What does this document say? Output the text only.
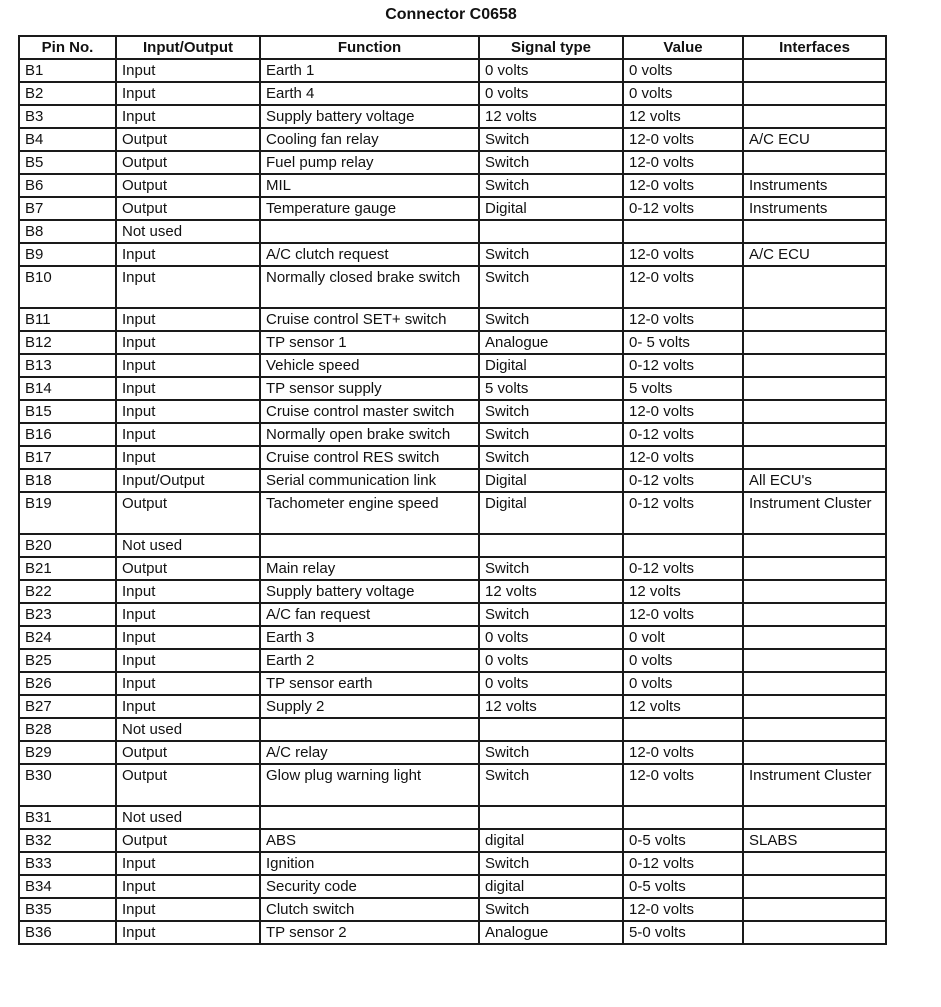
Connector C0658
Pin No.	Input/Output	Function	Signal type	Value	Interfaces
B1	Input	Earth 1	0 volts	0 volts	
B2	Input	Earth 4	0 volts	0 volts	
B3	Input	Supply battery voltage	12 volts	12 volts	
B4	Output	Cooling fan relay	Switch	12-0 volts	A/C ECU
B5	Output	Fuel pump relay	Switch	12-0 volts	
B6	Output	MIL	Switch	12-0 volts	Instruments
B7	Output	Temperature gauge	Digital	0-12 volts	Instruments
B8	Not used				
B9	Input	A/C clutch request	Switch	12-0 volts	A/C ECU
B10	Input	Normally closed brake switch	Switch	12-0 volts	
B11	Input	Cruise control SET+ switch	Switch	12-0 volts	
B12	Input	TP sensor 1	Analogue	0- 5 volts	
B13	Input	Vehicle speed	Digital	0-12 volts	
B14	Input	TP sensor supply	5 volts	5 volts	
B15	Input	Cruise control master switch	Switch	12-0 volts	
B16	Input	Normally open brake switch	Switch	0-12 volts	
B17	Input	Cruise control RES switch	Switch	12-0 volts	
B18	Input/Output	Serial communication link	Digital	0-12 volts	All ECU's
B19	Output	Tachometer engine speed	Digital	0-12 volts	Instrument Cluster
B20	Not used				
B21	Output	Main relay	Switch	0-12 volts	
B22	Input	Supply battery voltage	12 volts	12 volts	
B23	Input	A/C fan request	Switch	12-0 volts	
B24	Input	Earth 3	0 volts	0 volt	
B25	Input	Earth 2	0 volts	0 volts	
B26	Input	TP sensor earth	0 volts	0 volts	
B27	Input	Supply 2	12 volts	12 volts	
B28	Not used				
B29	Output	A/C relay	Switch	12-0 volts	
B30	Output	Glow plug warning light	Switch	12-0 volts	Instrument Cluster
B31	Not used				
B32	Output	ABS	digital	0-5 volts	SLABS
B33	Input	Ignition	Switch	0-12 volts	
B34	Input	Security code	digital	0-5 volts	
B35	Input	Clutch switch	Switch	12-0 volts	
B36	Input	TP sensor 2	Analogue	5-0 volts	
